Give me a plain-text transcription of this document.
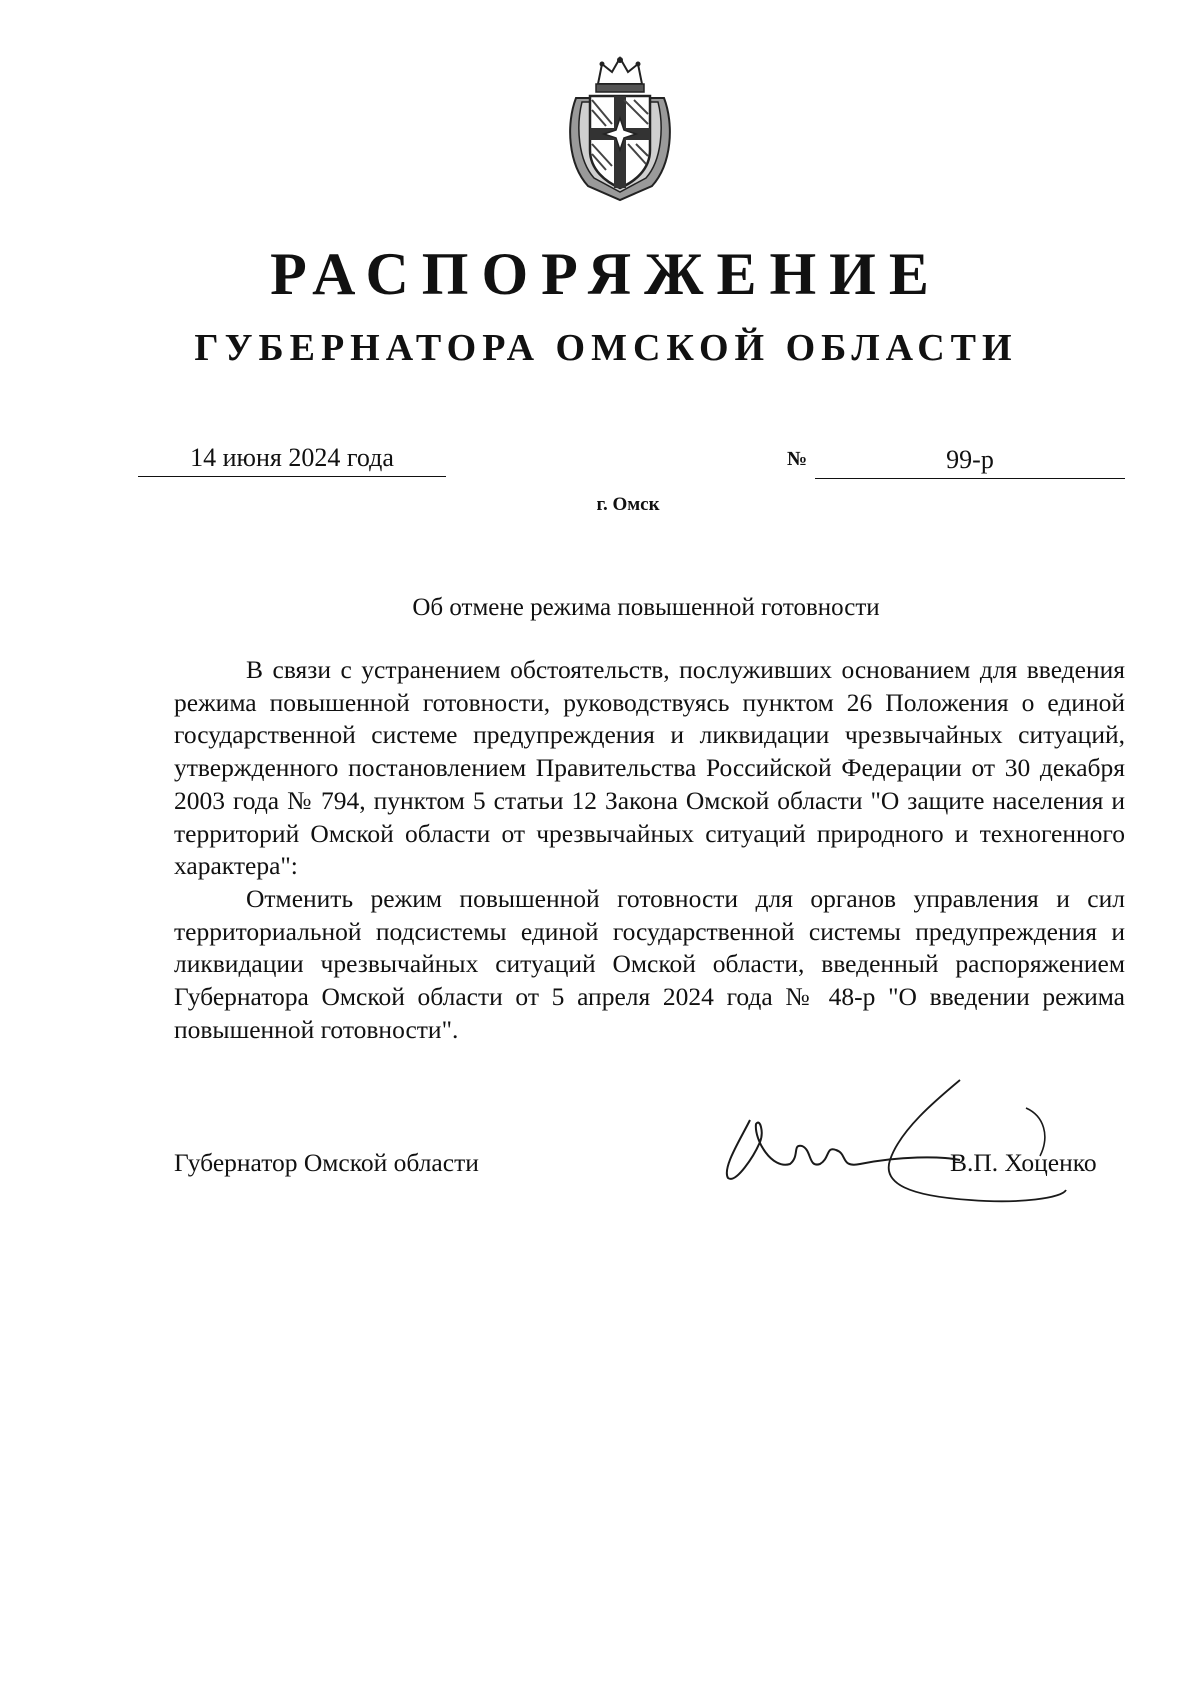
РАСПОРЯЖЕНИЕ
ГУБЕРНАТОРА ОМСКОЙ ОБЛАСТИ
14 июня 2024 года	№	99-р
г. Омск
Об отмене режима повышенной готовности

В связи с устранением обстоятельств, послуживших основанием для введения режима повышенной готовности, руководствуясь пунктом 26 Положения о единой государственной системе предупреждения и ликвидации чрезвычайных ситуаций, утвержденного постановлением Правительства Российской Федерации от 30 декабря 2003 года № 794, пунктом 5 статьи 12 Закона Омской области "О защите населения и территорий Омской области от чрезвычайных ситуаций природного и техногенного характера":

Отменить режим повышенной готовности для органов управления и сил территориальной подсистемы единой государственной системы предупреждения и ликвидации чрезвычайных ситуаций Омской области, введенный распоряжением Губернатора Омской области от 5 апреля 2024 года № 48-р "О введении режима повышенной готовности".

Губернатор Омской области	В.П. Хоценко
